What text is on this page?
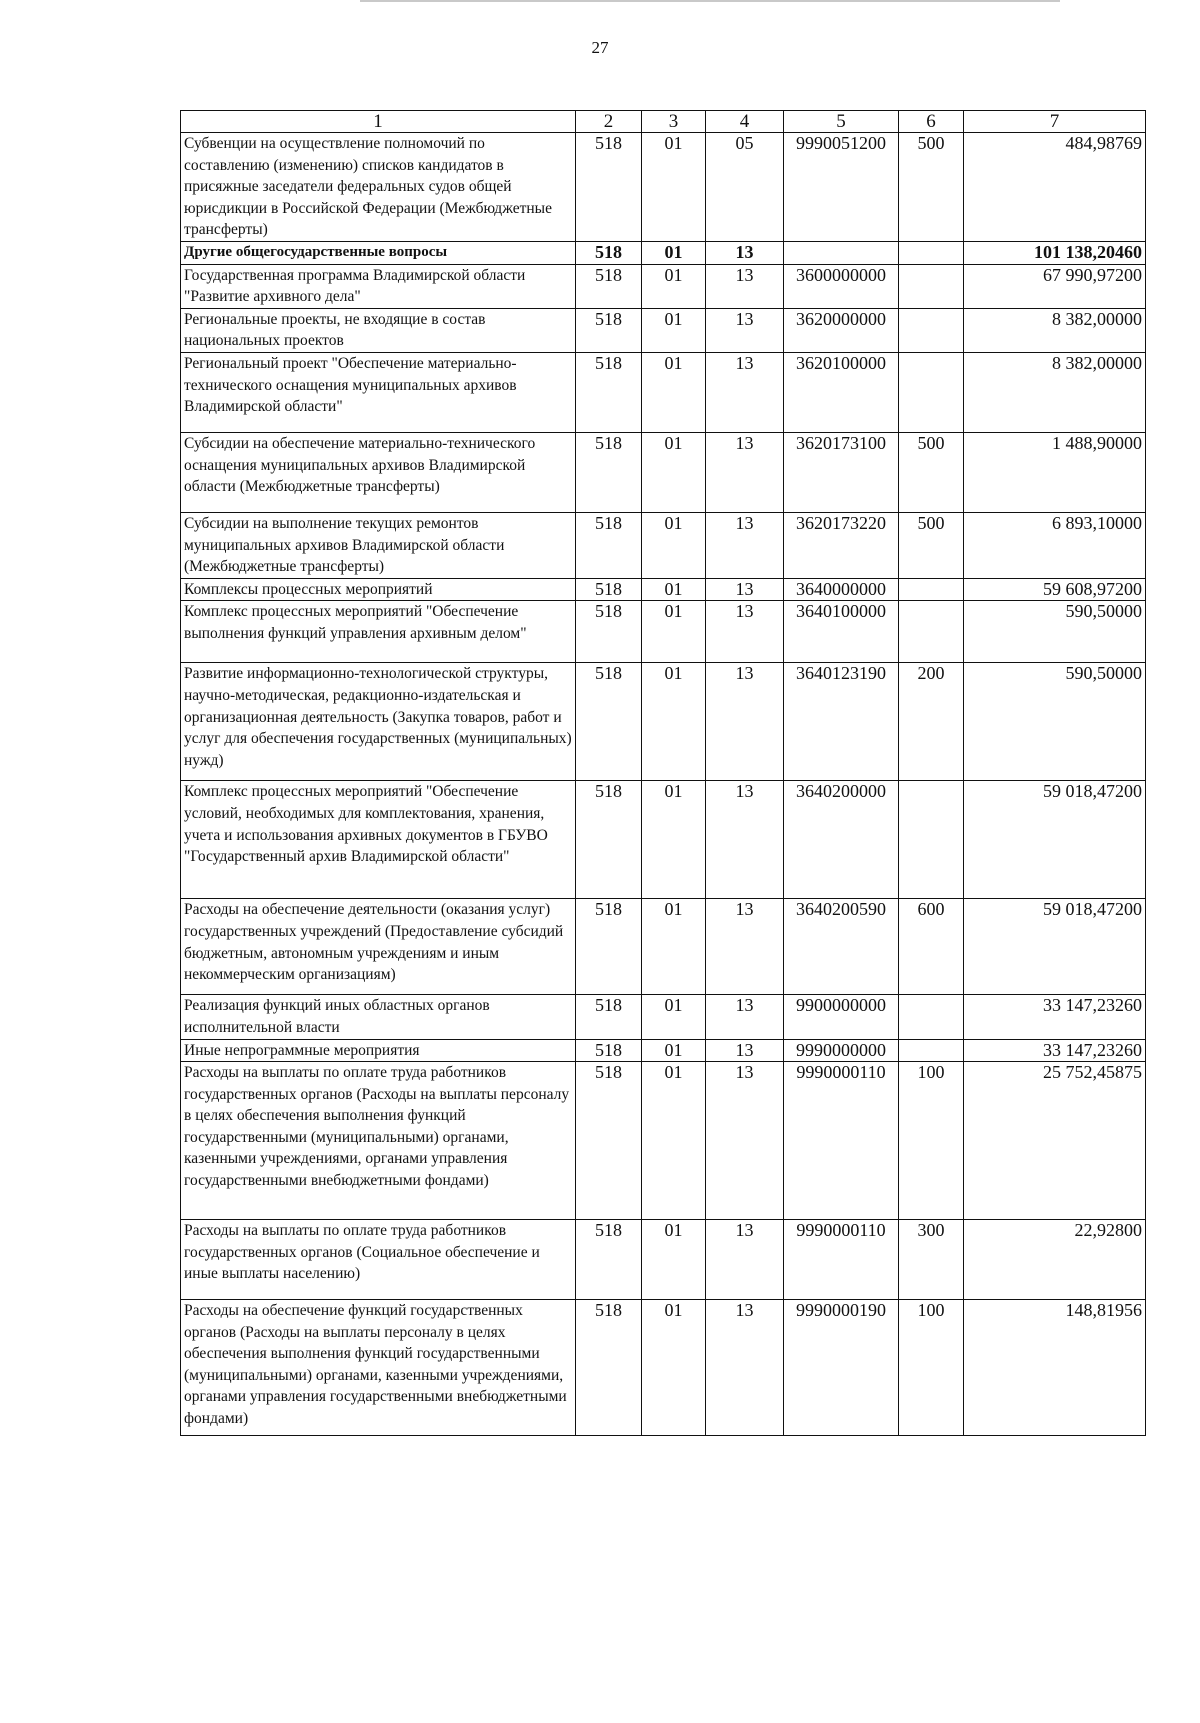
27
1	2	3	4	5	6	7
Субвенции на осуществление полномочий по составлению (изменению) списков кандидатов в присяжные заседатели федеральных судов общей юрисдикции в Российской Федерации (Межбюджетные трансферты)	518	01	05	9990051200	500	484,98769
Другие общегосударственные вопросы	518	01	13			101 138,20460
Государственная программа Владимирской области "Развитие архивного дела"	518	01	13	3600000000		67 990,97200
Региональные проекты, не входящие в состав национальных проектов	518	01	13	3620000000		8 382,00000
Региональный проект "Обеспечение материально-технического оснащения муниципальных архивов Владимирской области"	518	01	13	3620100000		8 382,00000
Субсидии на обеспечение материально-технического оснащения муниципальных архивов Владимирской области (Межбюджетные трансферты)	518	01	13	3620173100	500	1 488,90000
Субсидии на выполнение текущих ремонтов муниципальных архивов Владимирской области (Межбюджетные трансферты)	518	01	13	3620173220	500	6 893,10000
Комплексы процессных мероприятий	518	01	13	3640000000		59 608,97200
Комплекс процессных мероприятий "Обеспечение выполнения функций управления архивным делом"	518	01	13	3640100000		590,50000
Развитие информационно-технологической структуры, научно-методическая, редакционно-издательская и организационная деятельность (Закупка товаров, работ и услуг для обеспечения государственных (муниципальных) нужд)	518	01	13	3640123190	200	590,50000
Комплекс процессных мероприятий "Обеспечение условий, необходимых для комплектования, хранения, учета и использования архивных документов в ГБУВО "Государственный архив Владимирской области"	518	01	13	3640200000		59 018,47200
Расходы на обеспечение деятельности (оказания услуг) государственных учреждений (Предоставление субсидий бюджетным, автономным учреждениям и иным некоммерческим организациям)	518	01	13	3640200590	600	59 018,47200
Реализация функций иных областных органов исполнительной власти	518	01	13	9900000000		33 147,23260
Иные непрограммные мероприятия	518	01	13	9990000000		33 147,23260
Расходы на выплаты по оплате труда работников государственных органов (Расходы на выплаты персоналу в целях обеспечения выполнения функций государственными (муниципальными) органами, казенными учреждениями, органами управления государственными внебюджетными фондами)	518	01	13	9990000110	100	25 752,45875
Расходы на выплаты по оплате труда работников государственных органов (Социальное обеспечение и иные выплаты населению)	518	01	13	9990000110	300	22,92800
Расходы на обеспечение функций государственных органов (Расходы на выплаты персоналу в целях обеспечения выполнения функций государственными (муниципальными) органами, казенными учреждениями, органами управления государственными внебюджетными фондами)	518	01	13	9990000190	100	148,81956
